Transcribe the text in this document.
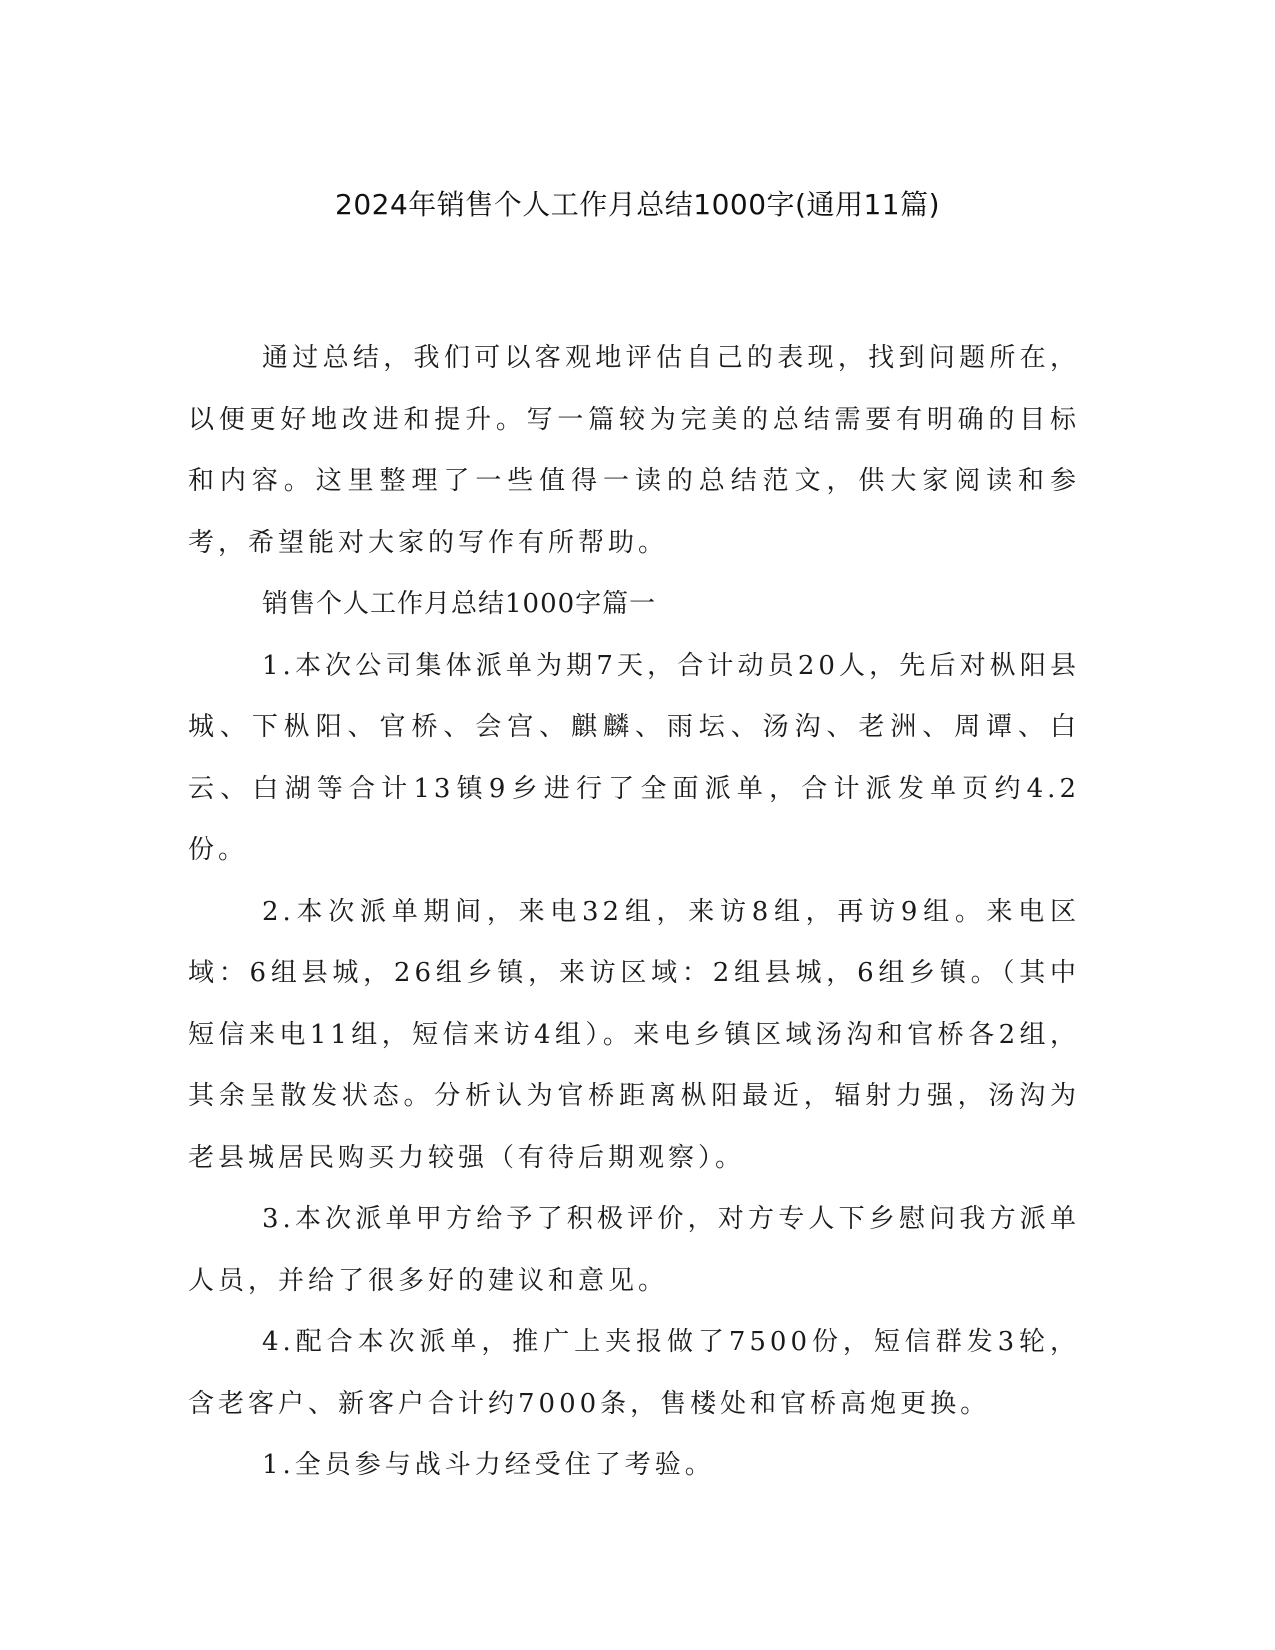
2024年销售个人工作月总结1000字(通用11篇)

通过总结，我们可以客观地评估自己的表现，找到问题所在，以便更好地改进和提升。写一篇较为完美的总结需要有明确的目标和内容。这里整理了一些值得一读的总结范文，供大家阅读和参考，希望能对大家的写作有所帮助。

销售个人工作月总结1000字篇一

1.本次公司集体派单为期7天，合计动员20人，先后对枞阳县城、下枞阳、官桥、会宫、麒麟、雨坛、汤沟、老洲、周谭、白云、白湖等合计13镇9乡进行了全面派单，合计派发单页约4.2份。

2.本次派单期间，来电32组，来访8组，再访9组。来电区域：6组县城，26组乡镇，来访区域：2组县城，6组乡镇。（其中短信来电11组，短信来访4组）。来电乡镇区域汤沟和官桥各2组，其余呈散发状态。分析认为官桥距离枞阳最近，辐射力强，汤沟为老县城居民购买力较强（有待后期观察）。

3.本次派单甲方给予了积极评价，对方专人下乡慰问我方派单人员，并给了很多好的建议和意见。

4.配合本次派单，推广上夹报做了7500份，短信群发3轮，含老客户、新客户合计约7000条，售楼处和官桥高炮更换。

1.全员参与战斗力经受住了考验。
